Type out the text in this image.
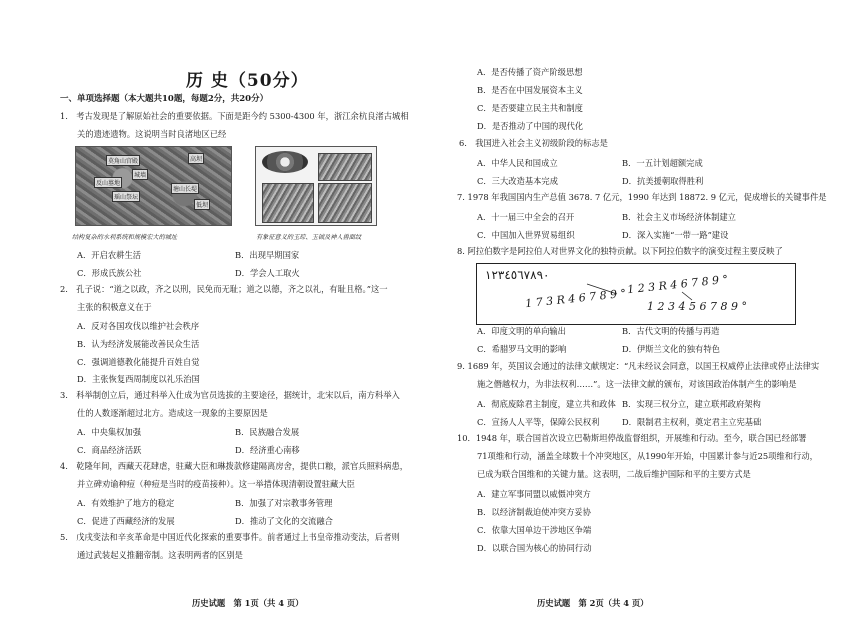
历 史（50分）
一、单项选择题（本大题共10题，每题2分，共20分）
1.　考古发现是了解原始社会的重要依据。下面是距今约 5300-4300 年，浙江余杭良渚古城相
关的遗迹遗物。这说明当时良渚地区已经
莫角山宫殿
反山墓地
城墙
瑶山祭坛
塘山长堤
高坝
低坝
结构复杂的水利系统和规模宏大的城址	有象征意义的玉琮、玉钺及神人兽面纹
A．开启农耕生活	B．出现早期国家
C．形成氏族公社	D．学会人工取火
2.　孔子说：“道之以政，齐之以刑，民免而无耻；道之以德，齐之以礼，有耻且格。”这一
主张的积极意义在于
A．反对各国攻伐以维护社会秩序
B．认为经济发展能改善民众生活
C．强调道德教化能提升百姓自觉
D．主张恢复西周制度以礼乐治国
3.　科举制创立后，通过科举入仕成为官员选拔的主要途径，据统计，北宋以后，南方科举入
仕的人数逐渐超过北方。造成这一现象的主要原因是
A．中央集权加强	B．民族融合发展
C．商品经济活跃	D．经济重心南移
4.　乾隆年间，西藏天花肆虐，驻藏大臣和琳拨款修建隔离房舍，提供口粮，派官兵照料病患，
并立碑劝谕种痘（种痘是当时的疫苗接种）。这一举措体现清朝设置驻藏大臣
A．有效维护了地方的稳定	B．加强了对宗教事务管理
C．促进了西藏经济的发展	D．推动了文化的交流融合
5.　戊戌变法和辛亥革命是中国近代化探索的重要事件。前者通过上书皇帝推动变法，后者则
通过武装起义推翻帝制。这表明两者的区别是
历史试题　第 1页（共 4 页）
A．是否传播了资产阶级思想
B．是否在中国发展资本主义
C．是否要建立民主共和制度
D．是否推动了中国的现代化
6.　我国进入社会主义初级阶段的标志是
A．中华人民和国成立	B．一五计划超额完成
C．三大改造基本完成	D．抗美援朝取得胜利
7. 1978 年我国国内生产总值 3678. 7 亿元，1990 年达到 18872. 9 亿元，促成增长的关键事件是
A．十一届三中全会的召开	B．社会主义市场经济体制建立
C．中国加入世界贸易组织	D．深入实施“一带一路”建设
8. 阿拉伯数字是阿拉伯人对世界文化的独特贡献。以下阿拉伯数字的演变过程主要反映了
١٢٣٤٥٦٧٨٩٠
1 7 3 R 4 6 7 8 9 °
1 2 3 R 4 6 7 8 9 °
1 2 3 4 5 6 7 8 9 °
A．印度文明的单向输出	B．古代文明的传播与再造
C．希腊罗马文明的影响	D．伊斯兰文化的独有特色
9. 1689 年，英国议会通过的法律文献规定：“凡未经议会同意，以国王权威停止法律或停止法律实
施之僭越权力，为非法权利……”。这一法律文献的颁布，对该国政治体制产生的影响是
A．彻底废除君主制度，建立共和政体 B．实现三权分立，建立联邦政府架构
C．宣扬人人平等，保障公民权利	D．限制君主权利，奠定君主立宪基础
10．1948 年，联合国首次设立巴勒斯坦停战监督组织，开展维和行动。至今，联合国已经部署
71项维和行动，涵盖全球数十个冲突地区，从1990年开始，中国累计参与近25项维和行动，
已成为联合国维和的关键力量。这表明，二战后维护国际和平的主要方式是
A．建立军事同盟以威慑冲突方
B．以经济制裁迫使冲突方妥协
C．依靠大国单边干涉地区争端
D．以联合国为核心的协同行动
历史试题　第 2页（共 4 页）
